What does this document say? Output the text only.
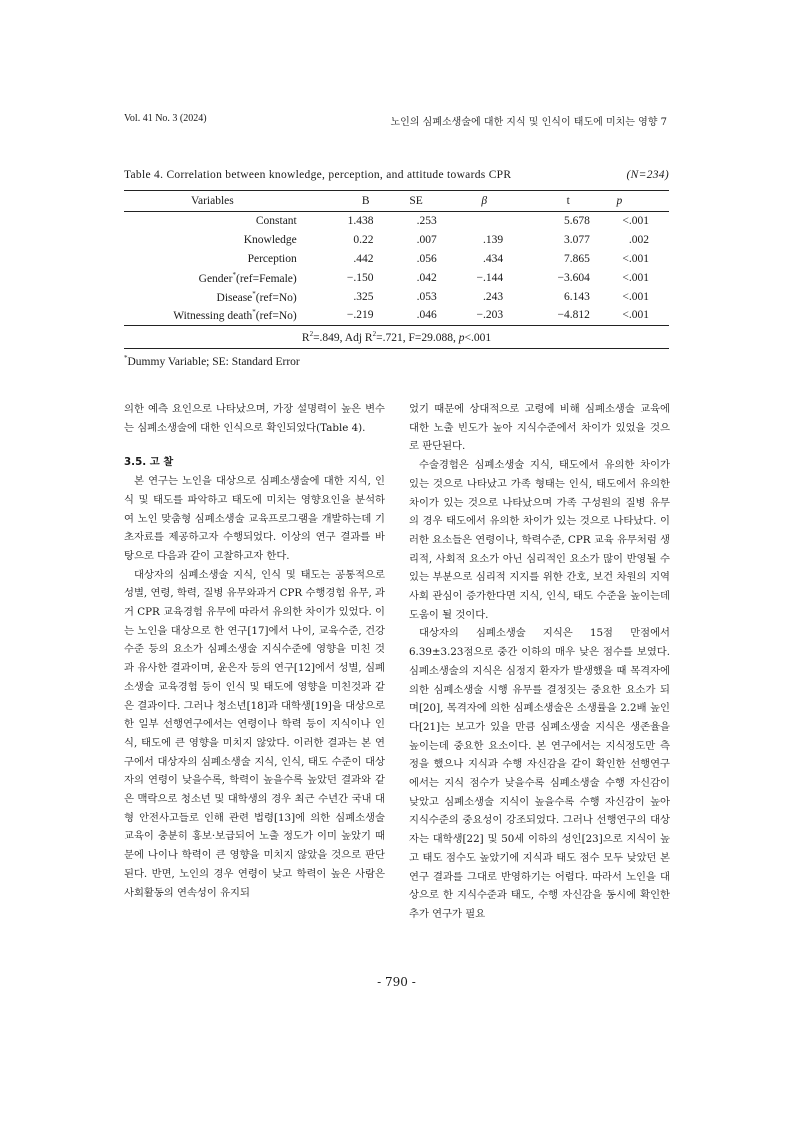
Vol. 41 No. 3 (2024)	노인의 심폐소생술에 대한 지식 및 인식이 태도에 미치는 영향 7
Table 4. Correlation between knowledge, perception, and attitude towards CPR	(N=234)
Variables	B	SE	β	t	p
Constant	1.438	.253		5.678	<.001
Knowledge	0.22	.007	.139	3.077	.002
Perception	.442	.056	.434	7.865	<.001
Gender*(ref=Female)	−.150	.042	−.144	−3.604	<.001
Disease*(ref=No)	.325	.053	.243	6.143	<.001
Witnessing death*(ref=No)	−.219	.046	−.203	−4.812	<.001
$R^2=.849$, Adj $R^2=.721$, F=29.088, p<.001					
*Dummy Variable; SE: Standard Error

의한 예측 요인으로 나타났으며, 가장 설명력이 높은 변수는 심폐소생술에 대한 인식으로 확인되었다(Table 4).

3.5. 고 찰

본 연구는 노인을 대상으로 심폐소생술에 대한 지식, 인식 및 태도를 파악하고 태도에 미치는 영향요인을 분석하여 노인 맞춤형 심폐소생술 교육프로그램을 개발하는데 기초자료를 제공하고자 수행되었다. 이상의 연구 결과를 바탕으로 다음과 같이 고찰하고자 한다.

대상자의 심폐소생술 지식, 인식 및 태도는 공통적으로 성별, 연령, 학력, 질병 유무와과거 CPR 수행경험 유무, 과거 CPR 교육경험 유무에 따라서 유의한 차이가 있었다. 이는 노인을 대상으로 한 연구[17]에서 나이, 교육수준, 건강수준 등의 요소가 심폐소생술 지식수준에 영향을 미친 것과 유사한 결과이며, 윤은자 등의 연구[12]에서 성별, 심폐소생술 교육경험 등이 인식 및 태도에 영향을 미친것과 같은 결과이다. 그러나 청소년[18]과 대학생[19]을 대상으로 한 일부 선행연구에서는 연령이나 학력 등이 지식이나 인식, 태도에 큰 영향을 미치지 않았다. 이러한 결과는 본 연구에서 대상자의 심폐소생술 지식, 인식, 태도 수준이 대상자의 연령이 낮을수록, 학력이 높을수록 높았던 결과와 같은 맥락으로 청소년 및 대학생의 경우 최근 수년간 국내 대형 안전사고들로 인해 관련 법령[13]에 의한 심폐소생술 교육이 충분히 홍보·보급되어 노출 정도가 이미 높았기 때문에 나이나 학력이 큰 영향을 미치지 않았을 것으로 판단된다. 반면, 노인의 경우 연령이 낮고 학력이 높은 사람은 사회활동의 연속성이 유지되

었기 때문에 상대적으로 고령에 비해 심폐소생술 교육에 대한 노출 빈도가 높아 지식수준에서 차이가 있었을 것으로 판단된다.

수술경험은 심폐소생술 지식, 태도에서 유의한 차이가 있는 것으로 나타났고 가족 형태는 인식, 태도에서 유의한 차이가 있는 것으로 나타났으며 가족 구성원의 질병 유무의 경우 태도에서 유의한 차이가 있는 것으로 나타났다. 이러한 요소들은 연령이나, 학력수준, CPR 교육 유무처럼 생리적, 사회적 요소가 아닌 심리적인 요소가 많이 반영될 수 있는 부분으로 심리적 지지를 위한 간호, 보건 차원의 지역사회 관심이 증가한다면 지식, 인식, 태도 수준을 높이는데 도움이 될 것이다.

대상자의 심폐소생술 지식은 15점 만점에서 6.39±3.23점으로 중간 이하의 매우 낮은 점수를 보였다. 심폐소생술의 지식은 심정지 환자가 발생했을 때 목격자에 의한 심폐소생술 시행 유무를 결정짓는 중요한 요소가 되며[20], 목격자에 의한 심폐소생술은 소생률을 2.2배 높인다[21]는 보고가 있을 만큼 심폐소생술 지식은 생존율을 높이는데 중요한 요소이다. 본 연구에서는 지식정도만 측정을 했으나 지식과 수행 자신감을 같이 확인한 선행연구에서는 지식 점수가 낮을수록 심폐소생술 수행 자신감이 낮았고 심폐소생술 지식이 높을수록 수행 자신감이 높아 지식수준의 중요성이 강조되었다. 그러나 선행연구의 대상자는 대학생[22] 및 50세 이하의 성인[23]으로 지식이 높고 태도 점수도 높았기에 지식과 태도 점수 모두 낮았던 본 연구 결과를 그대로 반영하기는 어렵다. 따라서 노인을 대상으로 한 지식수준과 태도, 수행 자신감을 동시에 확인한 추가 연구가 필요

- 790 -
